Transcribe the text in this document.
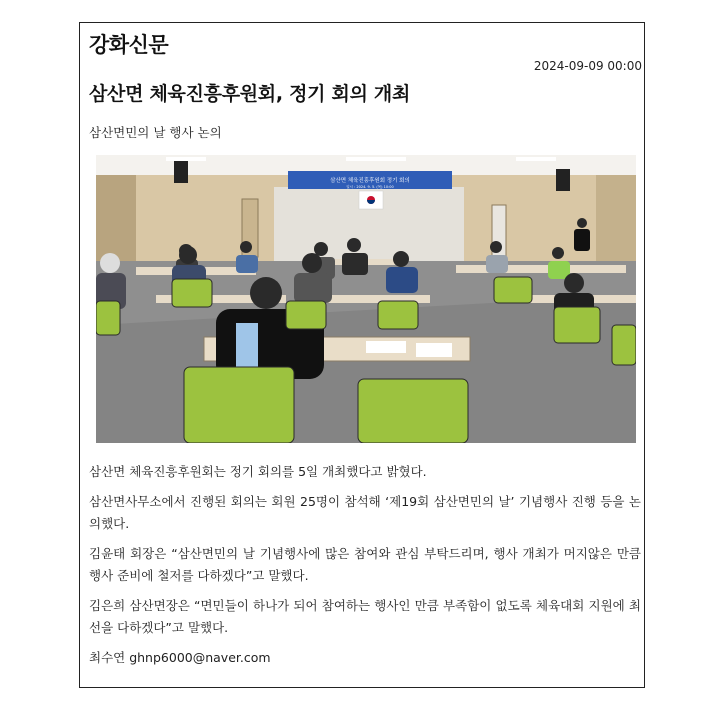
강화신문
2024-09-09 00:00
삼산면 체육진흥후원회, 정기 회의 개최
삼산면민의 날 행사 논의
삼산면 체육진흥후원회 정기 회의
일시 : 2024. 9. 5. (목) 10:00

삼산면 체육진흥후원회는 정기 회의를 5일 개최했다고 밝혔다.

삼산면사무소에서 진행된 회의는 회원 25명이 참석해 ‘제19회 삼산면민의 날’ 기념행사 진행 등을 논의했다.

김윤태 회장은 “삼산면민의 날 기념행사에 많은 참여와 관심 부탁드리며, 행사 개최가 머지않은 만큼 행사 준비에 철저를 다하겠다”고 말했다.

김은희 삼산면장은 “면민들이 하나가 되어 참여하는 행사인 만큼 부족함이 없도록 체육대회 지원에 최선을 다하겠다”고 말했다.

최수연 ghnp6000@naver.com
